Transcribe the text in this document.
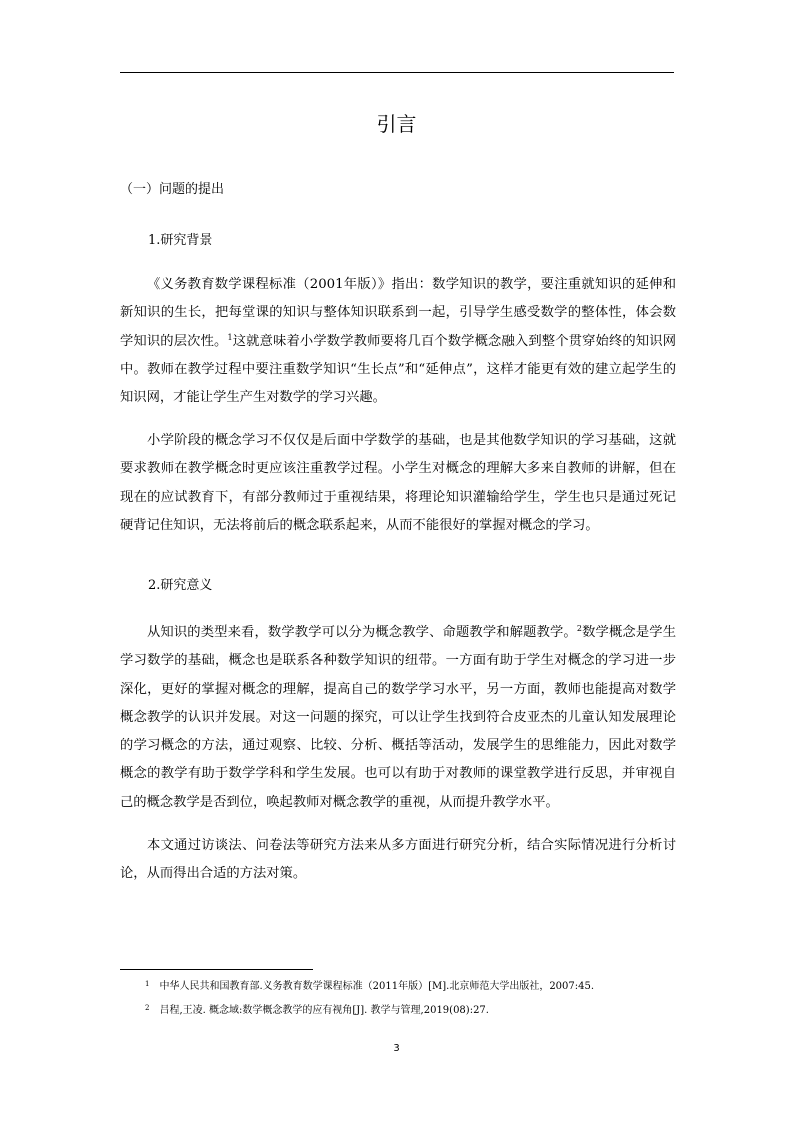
引言
（一）问题的提出
1.研究背景

《义务教育数学课程标准（2001年版）》指出：数学知识的教学，要注重就知识的延伸和新知识的生长，把每堂课的知识与整体知识联系到一起，引导学生感受数学的整体性，体会数学知识的层次性。$^1$这就意味着小学数学教师要将几百个数学概念融入到整个贯穿始终的知识网中。教师在教学过程中要注重数学知识“生长点”和“延伸点”，这样才能更有效的建立起学生的知识网，才能让学生产生对数学的学习兴趣。

小学阶段的概念学习不仅仅是后面中学数学的基础，也是其他数学知识的学习基础，这就要求教师在教学概念时更应该注重教学过程。小学生对概念的理解大多来自教师的讲解，但在现在的应试教育下，有部分教师过于重视结果，将理论知识灌输给学生，学生也只是通过死记硬背记住知识，无法将前后的概念联系起来，从而不能很好的掌握对概念的学习。

2.研究意义

从知识的类型来看，数学教学可以分为概念教学、命题教学和解题教学。$^2$数学概念是学生学习数学的基础，概念也是联系各种数学知识的纽带。一方面有助于学生对概念的学习进一步深化，更好的掌握对概念的理解，提高自己的数学学习水平，另一方面，教师也能提高对数学概念教学的认识并发展。对这一问题的探究，可以让学生找到符合皮亚杰的儿童认知发展理论的学习概念的方法，通过观察、比较、分析、概括等活动，发展学生的思维能力，因此对数学概念的教学有助于数学学科和学生发展。也可以有助于对教师的课堂教学进行反思，并审视自己的概念教学是否到位，唤起教师对概念教学的重视，从而提升教学水平。

本文通过访谈法、问卷法等研究方法来从多方面进行研究分析，结合实际情况进行分析讨论，从而得出合适的方法对策。

$^1$ 中华人民共和国教育部.义务教育数学课程标准（2011年版）[M].北京师范大学出版社，2007:45.
$^2$ 吕程,王凌. 概念域:数学概念教学的应有视角[J]. 教学与管理,2019(08):27.
3
